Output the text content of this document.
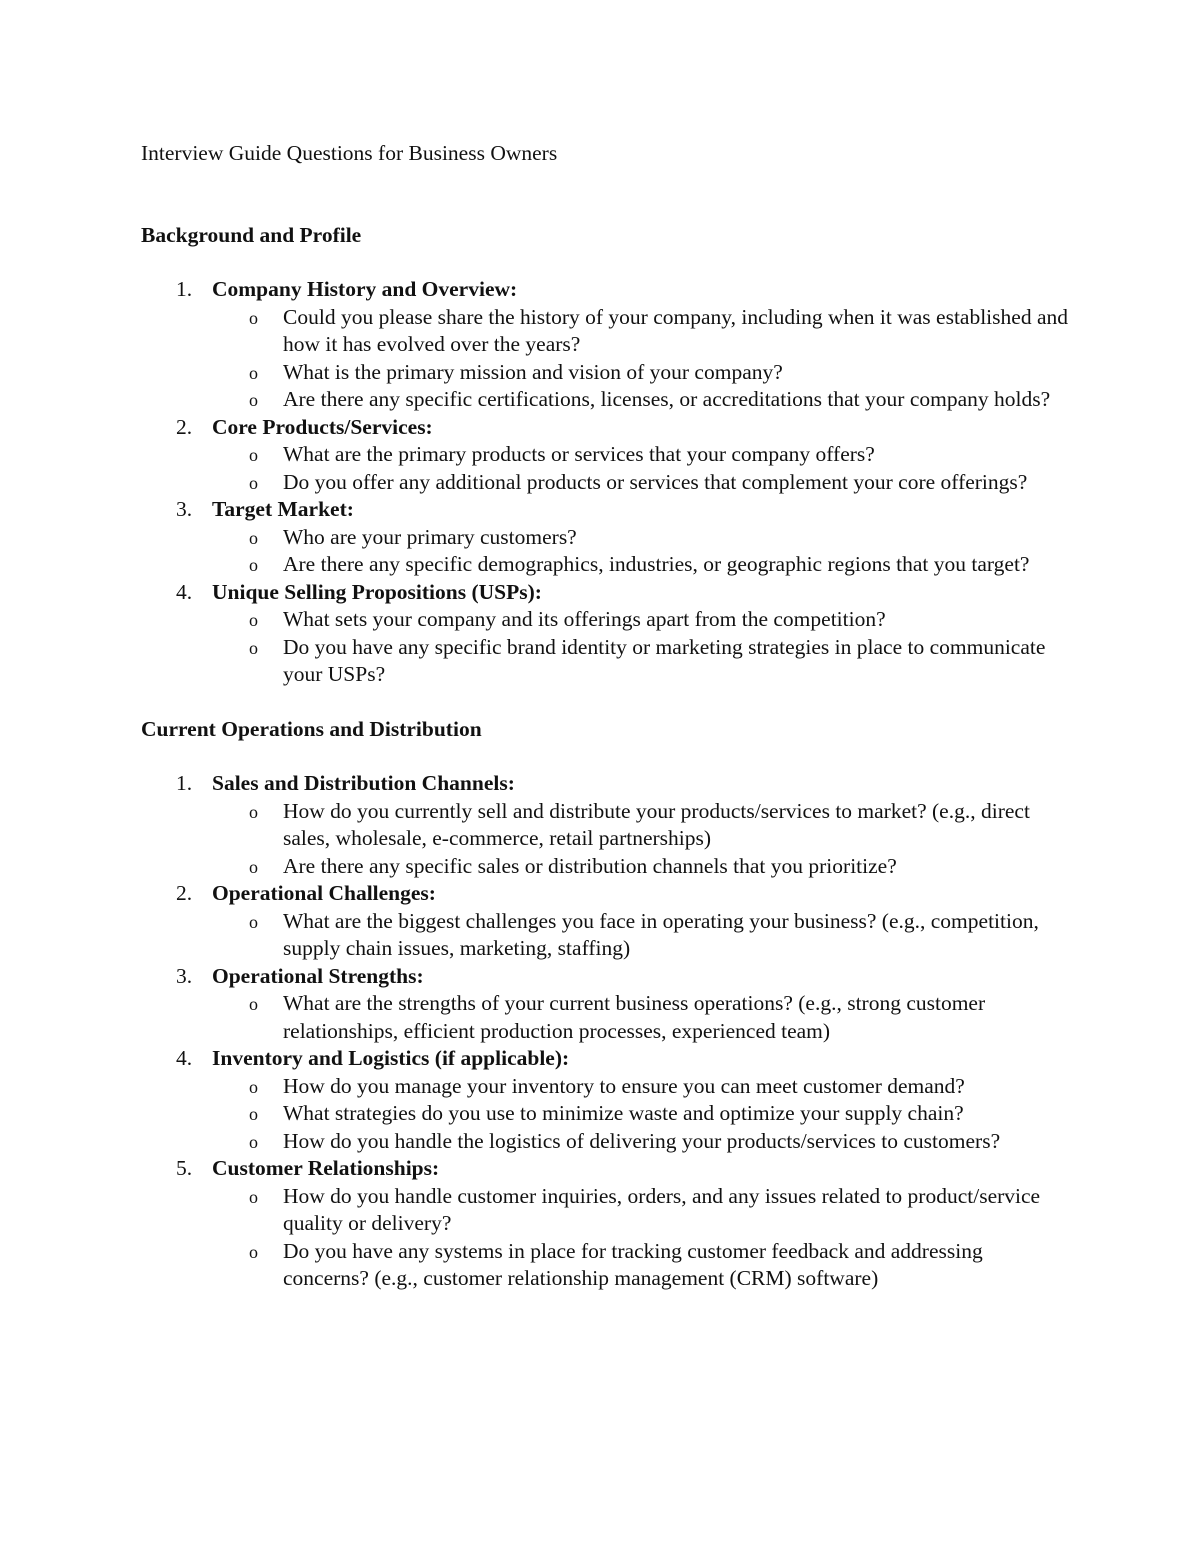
Interview Guide Questions for Business Owners
Background and Profile
1. Company History and Overview:
o Could you please share the history of your company, including when it was established and how it has evolved over the years?
o What is the primary mission and vision of your company?
o Are there any specific certifications, licenses, or accreditations that your company holds?
2. Core Products/Services:
o What are the primary products or services that your company offers?
o Do you offer any additional products or services that complement your core offerings?
3. Target Market:
o Who are your primary customers?
o Are there any specific demographics, industries, or geographic regions that you target?
4. Unique Selling Propositions (USPs):
o What sets your company and its offerings apart from the competition?
o Do you have any specific brand identity or marketing strategies in place to communicate your USPs?
Current Operations and Distribution
1. Sales and Distribution Channels:
o How do you currently sell and distribute your products/services to market? (e.g., direct sales, wholesale, e-commerce, retail partnerships)
o Are there any specific sales or distribution channels that you prioritize?
2. Operational Challenges:
o What are the biggest challenges you face in operating your business? (e.g., competition, supply chain issues, marketing, staffing)
3. Operational Strengths:
o What are the strengths of your current business operations? (e.g., strong customer relationships, efficient production processes, experienced team)
4. Inventory and Logistics (if applicable):
o How do you manage your inventory to ensure you can meet customer demand?
o What strategies do you use to minimize waste and optimize your supply chain?
o How do you handle the logistics of delivering your products/services to customers?
5. Customer Relationships:
o How do you handle customer inquiries, orders, and any issues related to product/service quality or delivery?
o Do you have any systems in place for tracking customer feedback and addressing concerns? (e.g., customer relationship management (CRM) software)
